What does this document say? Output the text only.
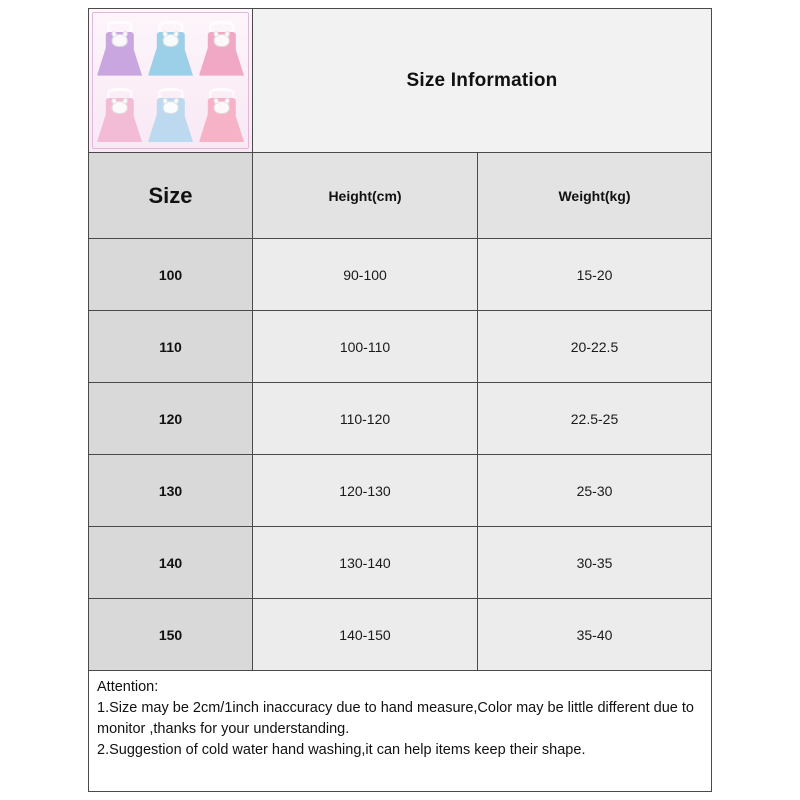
Size Information
Size	Height(cm)	Weight(kg)
100	90-100	15-20
110	100-110	20-22.5
120	110-120	22.5-25
130	120-130	25-30
140	130-140	30-35
150	140-150	35-40

Attention:

1.Size may be 2cm/1inch inaccuracy due to hand measure,Color may be little different due to monitor ,thanks for your understanding.

2.Suggestion of cold water hand washing,it can help items keep their shape.
